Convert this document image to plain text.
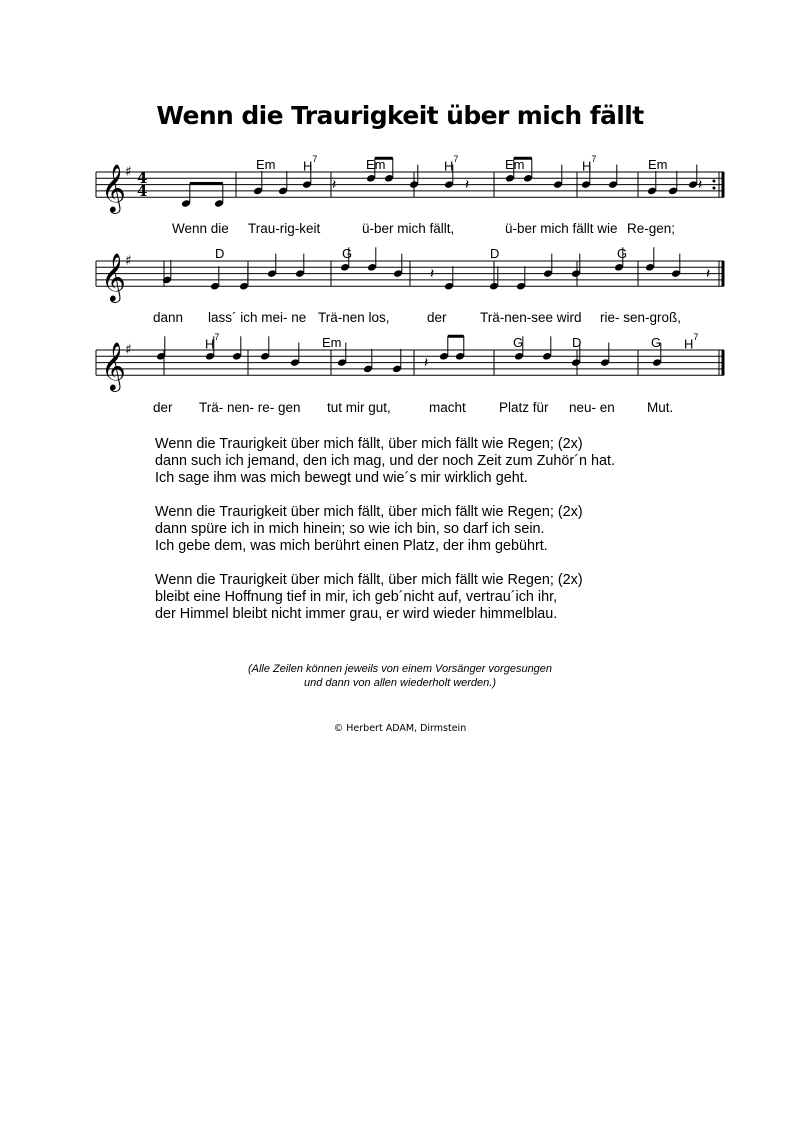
Wenn die Traurigkeit über mich fällt
𝄞 ♯
𝄞 ♯
𝄞 ♯
4
4	𝄽	𝄽	𝄽
𝄽	𝄽
𝄽
Em $H^7$	Em	$H^7$	Em	$H^7$	Em
D	G	D	G
$H^7$	Em	G	D	G $H^7$
Wenn die Trau-rig-keit	ü-ber mich fällt,	ü-ber mich fällt wie Re-gen;
dann lass´ ich mei- ne Trä-nen los,	der Trä-nen-see wird rie- sen-groß,
der Trä- nen- re- gen tut mir gut,	macht Platz für neu- en Mut.
Wenn die Traurigkeit über mich fällt, über mich fällt wie Regen; (2x)
dann such ich jemand, den ich mag, und der noch Zeit zum Zuhör´n hat.
Ich sage ihm was mich bewegt und wie´s mir wirklich geht.
Wenn die Traurigkeit über mich fällt, über mich fällt wie Regen; (2x)
dann spüre ich in mich hinein; so wie ich bin, so darf ich sein.
Ich gebe dem, was mich berührt einen Platz, der ihm gebührt.
Wenn die Traurigkeit über mich fällt, über mich fällt wie Regen; (2x)
bleibt eine Hoffnung tief in mir, ich geb´nicht auf, vertrau´ich ihr,
der Himmel bleibt nicht immer grau, er wird wieder himmelblau.
(Alle Zeilen können jeweils von einem Vorsänger vorgesungen
und dann von allen wiederholt werden.)
© Herbert ADAM, Dirmstein
